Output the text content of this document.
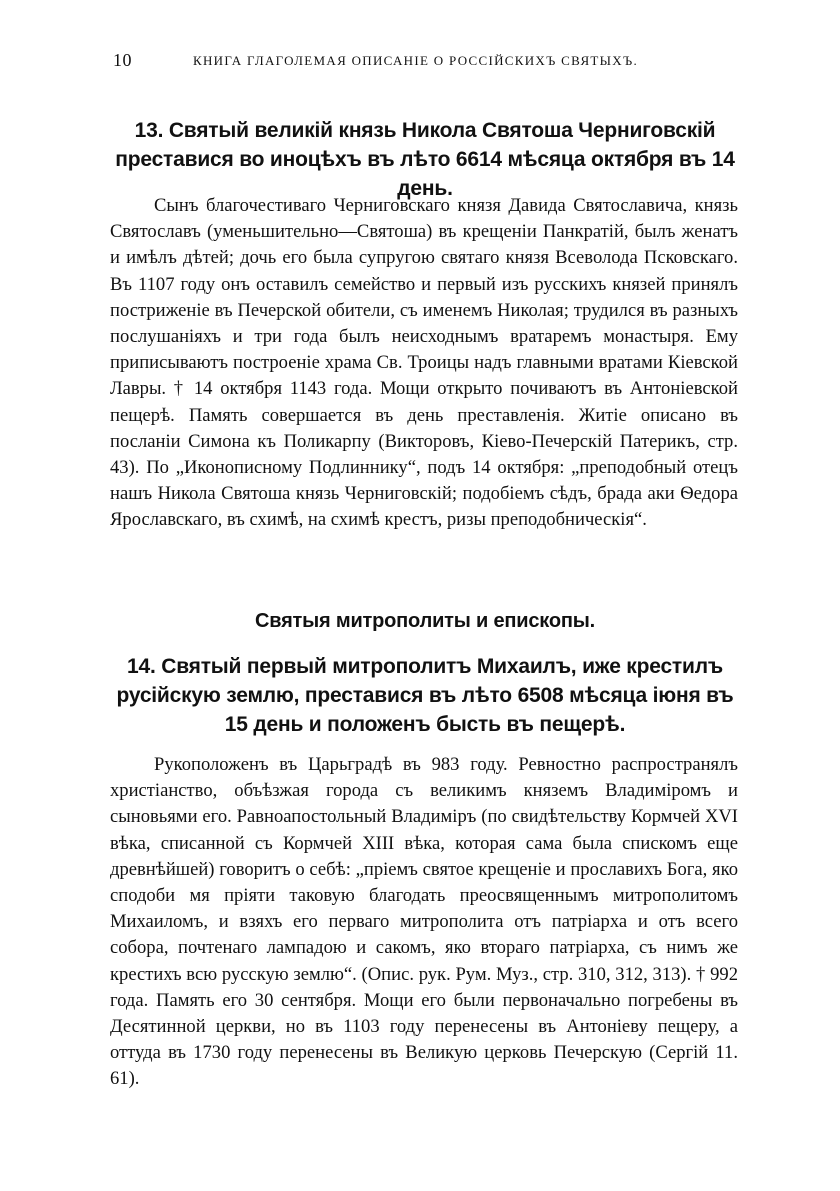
10	КНИГА ГЛАГОЛЕМАЯ ОПИСАНІЕ О РОССІЙСКИХЪ СВЯТЫХЪ.
13. Святый великій князь Никола Святоша Черниговскій преставися во иноцѣхъ въ лѣто 6614 мѣсяца октября въ 14 день.

Сынъ благочестиваго Черниговскаго князя Давида Святославича, князь Святославъ (уменьшительно—Святоша) въ крещеніи Панкратій, былъ женатъ и имѣлъ дѣтей; дочь его была супругою святаго князя Всеволода Псковскаго. Въ 1107 году онъ оставилъ семейство и первый изъ русскихъ князей принялъ постриженіе въ Печерской обители, съ именемъ Николая; трудился въ разныхъ послушаніяхъ и три года былъ неисходнымъ вратаремъ монастыря. Ему приписываютъ построеніе храма Св. Троицы надъ главными вратами Кіевской Лавры. † 14 октября 1143 года. Мощи открыто почиваютъ въ Антоніевской пещерѣ. Память совершается въ день преставленія. Житіе описано въ посланіи Симона къ Поликарпу (Викторовъ, Кіево-Печерскій Патерикъ, стр. 43). По „Иконописному Подлиннику“, подъ 14 октября: „преподобный отецъ нашъ Никола Святоша князь Черниговскій; подобіемъ сѣдъ, брада аки Ѳедора Ярославскаго, въ схимѣ, на схимѣ крестъ, ризы преподобническія“.

Святыя митрополиты и епископы.
14. Святый первый митрополитъ Михаилъ, иже крестилъ русійскую землю, преставися въ лѣто 6508 мѣсяца іюня въ 15 день и положенъ бысть въ пещерѣ.

Рукоположенъ въ Царьградѣ въ 983 году. Ревностно распространялъ христіанство, объѣзжая города съ великимъ княземъ Владиміромъ и сыновьями его. Равноапостольный Владиміръ (по свидѣтельству Кормчей XVI вѣка, списанной съ Кормчей XIII вѣка, которая сама была спискомъ еще древнѣйшей) говоритъ о себѣ: „пріемъ святое крещеніе и прославихъ Бога, яко сподоби мя пріяти таковую благодать преосвященнымъ митрополитомъ Михаиломъ, и взяхъ его перваго митрополита отъ патріарха и отъ всего собора, почтенаго лампадою и сакомъ, яко втораго патріарха, съ нимъ же крестихъ всю русскую землю“. (Опис. рук. Рум. Муз., стр. 310, 312, 313). † 992 года. Память его 30 сентября. Мощи его были первоначально погребены въ Десятинной церкви, но въ 1103 году перенесены въ Антоніеву пещеру, а оттуда въ 1730 году перенесены въ Великую церковь Печерскую (Сергій 11. 61).
